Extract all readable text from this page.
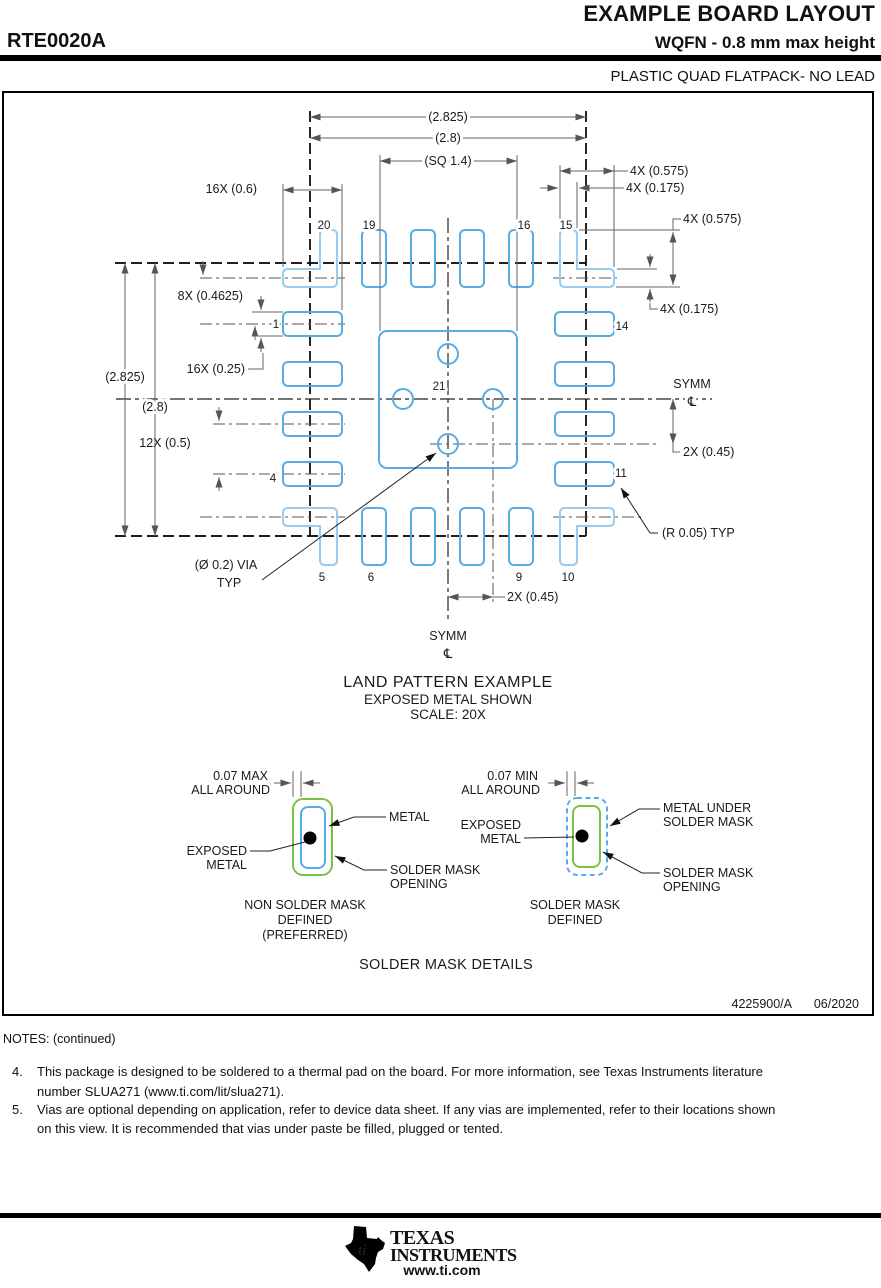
EXAMPLE BOARD LAYOUT
RTE0020A	WQFN - 0.8 mm max height
PLASTIC QUAD FLATPACK- NO LEAD
(2.825)
(2.8)
(SQ 1.4)
16X (0.6)
8X (0.4625)
16X (0.25)
12X (0.5)
(2.825)
(2.8)
4X (0.575)
4X (0.175)
4X (0.575)
4X (0.175)
SYMM
℄
2X (0.45)
(R 0.05) TYP
(Ø 0.2) VIA
TYP
2X (0.45)
SYMM
℄
20	19	16	15
1
4
14
11
21
5	6	9	10
LAND PATTERN EXAMPLE
EXPOSED METAL SHOWN
SCALE: 20X
0.07 MAX
ALL AROUND
METAL
EXPOSED
METAL	SOLDER MASK
OPENING
NON SOLDER MASK
DEFINED
(PREFERRED)
0.07 MIN
ALL AROUND
EXPOSED
METAL
METAL UNDER
SOLDER MASK
SOLDER MASK
OPENING
SOLDER MASK
DEFINED
SOLDER MASK DETAILS
4225900/A 06/2020
NOTES: (continued)
4. This package is designed to be soldered to a thermal pad on the board. For more information, see Texas Instruments literature
number SLUA271 (www.ti.com/lit/slua271).
5. Vias are optional depending on application, refer to device data sheet. If any vias are implemented, refer to their locations shown
on this view. It is recommended that vias under paste be filled, plugged or tented.
ti
TEXAS
INSTRUMENTS
www.ti.com
